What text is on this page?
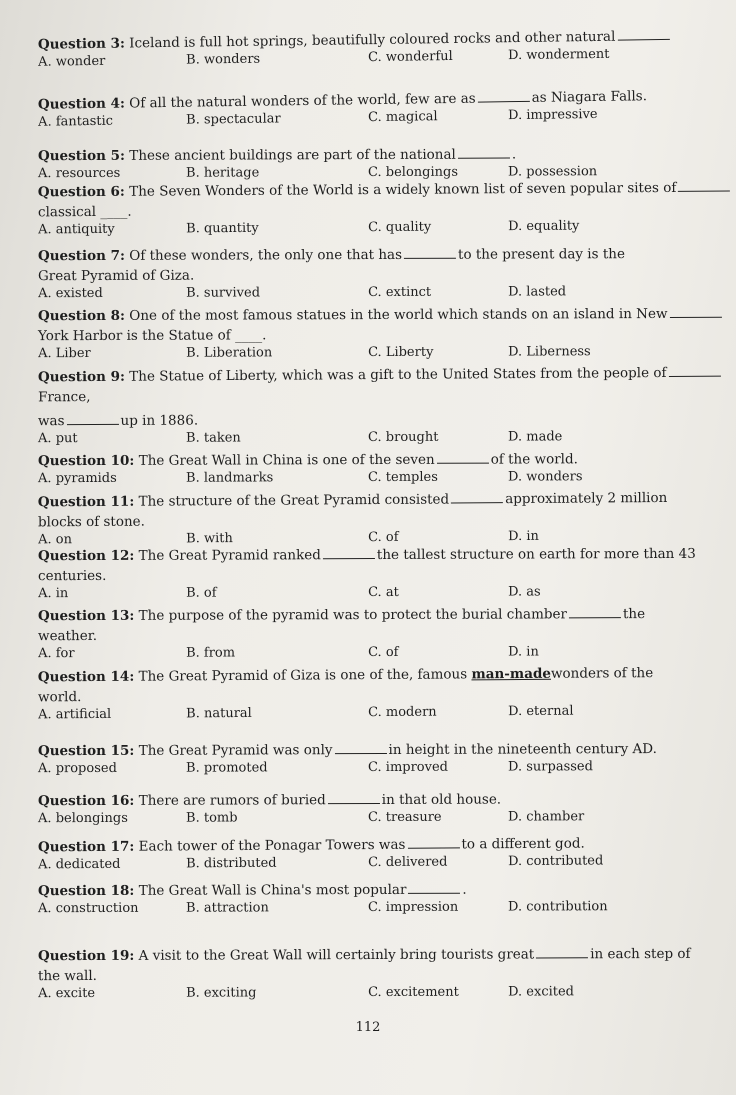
Question 3: Iceland is full hot springs, beautifully coloured rocks and other natural
A. wonder	B. wonders	C. wonderful	D. wonderment
Question 4: Of all the natural wonders of the world, few are as	as Niagara Falls.
A. fantastic	B. spectacular	C. magical	D. impressive
Question 5: These ancient buildings are part of the national	.
A. resources	B. heritage	C. belongings	D. possession
Question 6: The Seven Wonders of the World is a widely known list of seven popular sites of
classical ____.
A. antiquity	B. quantity	C. quality	D. equality
Question 7: Of these wonders, the only one that has	to the present day is the
Great Pyramid of Giza.
A. existed	B. survived	C. extinct	D. lasted
Question 8: One of the most famous statues in the world which stands on an island in New
York Harbor is the Statue of ____.
A. Liber	B. Liberation	C. Liberty	D. Liberness
Question 9: The Statue of Liberty, which was a gift to the United States from the people of
France,
was	up in 1886.
A. put	B. taken	C. brought	D. made
Question 10: The Great Wall in China is one of the seven	of the world.
A. pyramids	B. landmarks	C. temples	D. wonders
Question 11: The structure of the Great Pyramid consisted	approximately 2 million
blocks of stone.
A. on	B. with	C. of	D. in
Question 12: The Great Pyramid ranked	the tallest structure on earth for more than 43
centuries.
A. in	B. of	C. at	D. as
Question 13: The purpose of the pyramid was to protect the burial chamber	the
weather.
A. for	B. from	C. of	D. in
Question 14: The Great Pyramid of Giza is one of the, famous man-madewonders of the
world.
A. artificial	B. natural	C. modern	D. eternal
Question 15: The Great Pyramid was only	in height in the nineteenth century AD.
A. proposed	B. promoted	C. improved	D. surpassed
Question 16: There are rumors of buried	in that old house.
A. belongings	B. tomb	C. treasure	D. chamber
Question 17: Each tower of the Ponagar Towers was	to a different god.
A. dedicated	B. distributed	C. delivered	D. contributed
Question 18: The Great Wall is China's most popular	.
A. construction	B. attraction	C. impression	D. contribution
Question 19: A visit to the Great Wall will certainly bring tourists great	in each step of
the wall.
A. excite	B. exciting	C. excitement	D. excited
112
